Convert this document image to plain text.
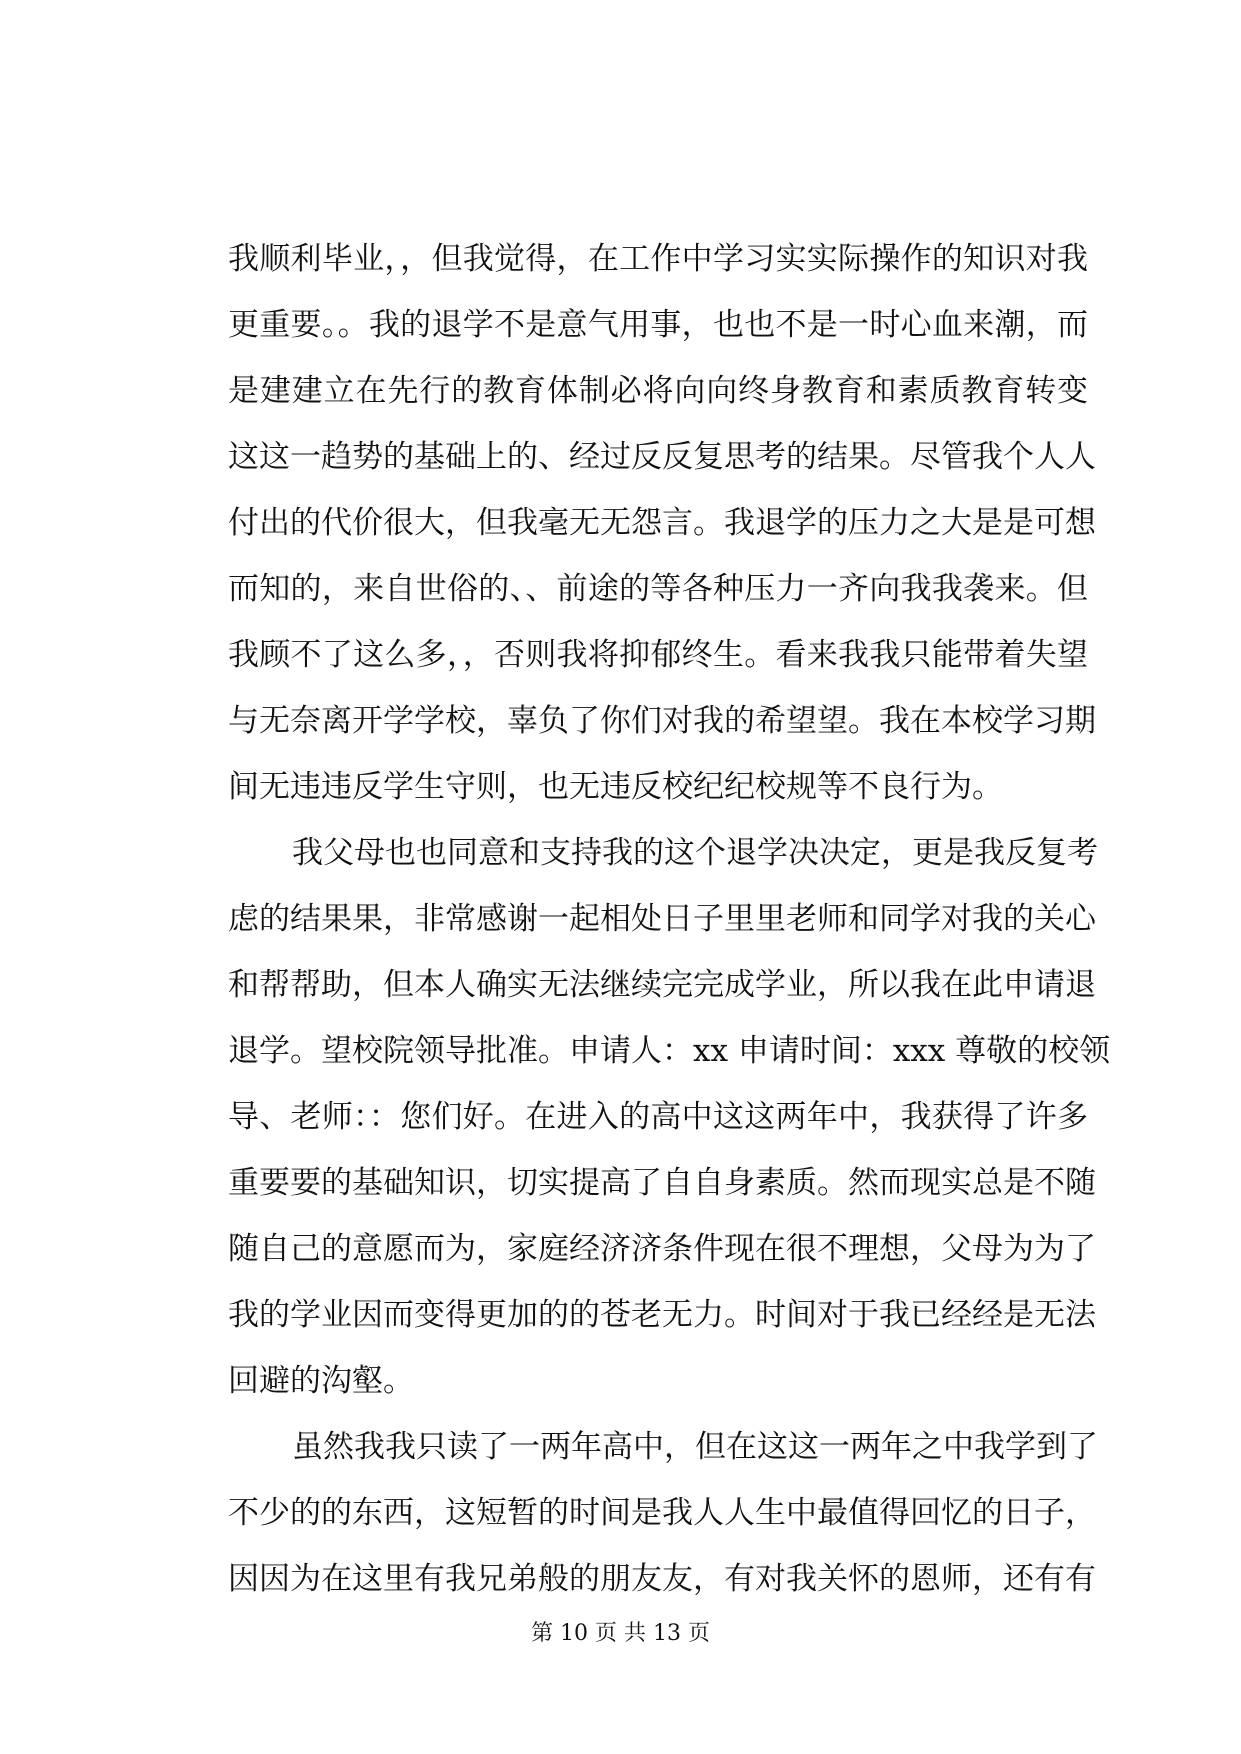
我顺利毕业，，但我觉得，在工作中学习实实际操作的知识对我
更重要。。我的退学不是意气用事，也也不是一时心血来潮，而
是建建立在先行的教育体制必将向向终身教育和素质教育转变
这这一趋势的基础上的、经过反反复思考的结果。尽管我个人人
付出的代价很大，但我毫无无怨言。我退学的压力之大是是可想
而知的，来自世俗的、、前途的等各种压力一齐向我我袭来。但
我顾不了这么多，，否则我将抑郁终生。看来我我只能带着失望
与无奈离开学学校，辜负了你们对我的希望望。我在本校学习期
间无违违反学生守则，也无违反校纪纪校规等不良行为。
我父母也也同意和支持我的这个退学决决定，更是我反复考
虑的结果果，非常感谢一起相处日子里里老师和同学对我的关心
和帮帮助，但本人确实无法继续完完成学业，所以我在此申请退
退学。望校院领导批准。申请人：xx 申请时间：xxx 尊敬的校领
导、老师：：您们好。在进入的高中这这两年中，我获得了许多
重要要的基础知识，切实提高了自自身素质。然而现实总是不随
随自己的意愿而为，家庭经济济条件现在很不理想，父母为为了
我的学业因而变得更加的的苍老无力。时间对于我已经经是无法
回避的沟壑。
虽然我我只读了一两年高中，但在这这一两年之中我学到了
不少的的东西，这短暂的时间是我人人生中最值得回忆的日子，
因因为在这里有我兄弟般的朋友友，有对我关怀的恩师，还有有
第 10 页 共 13 页
